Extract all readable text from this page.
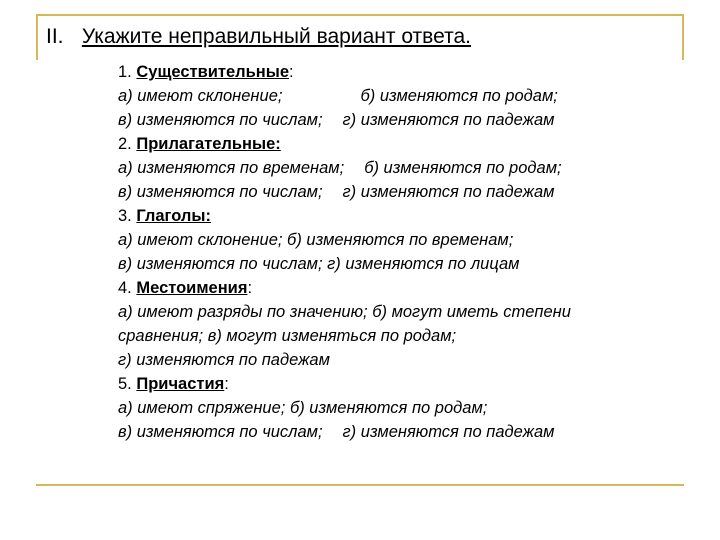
II. Укажите неправильный вариант ответа.
1. Существительные:
а) имеют склонение;	б) изменяются по родам;
в) изменяются по числам; г) изменяются по падежам
2. Прилагательные:
а) изменяются по временам; б) изменяются по родам;
в) изменяются по числам; г) изменяются по падежам
3. Глаголы:
а) имеют склонение; б) изменяются по временам;
в) изменяются по числам; г) изменяются по лицам
4. Местоимения:
а) имеют разряды по значению; б) могут иметь степени
сравнения; в) могут изменяться по родам;
г) изменяются по падежам
5. Причастия:
а) имеют спряжение; б) изменяются по родам;
в) изменяются по числам; г) изменяются по падежам
